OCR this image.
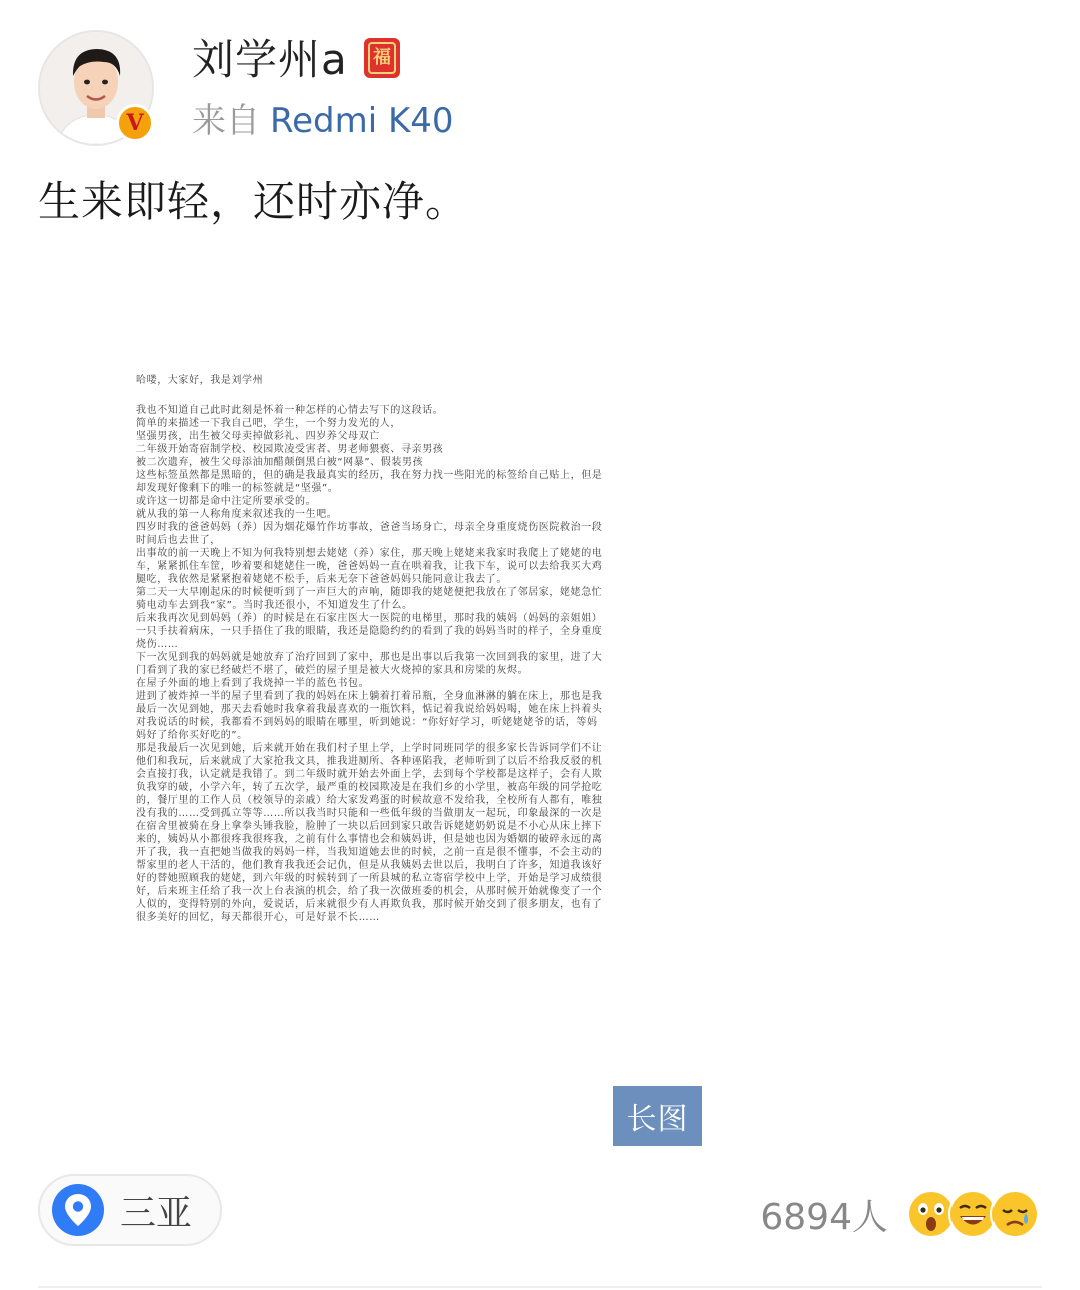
V
刘学州a 福
来自 Redmi K40
生来即轻，还时亦净。

哈喽，大家好，我是刘学州

我也不知道自己此时此刻是怀着一种怎样的心情去写下的这段话。

简单的来描述一下我自己吧，学生，一个努力发光的人，

坚强男孩，出生被父母卖掉做彩礼、四岁养父母双亡

二年级开始寄宿制学校、校园欺凌受害者、男老师猥亵、寻亲男孩

被二次遗弃，被生父母添油加醋颠倒黑白被“网暴”、假装男孩

这些标签虽然都是黑暗的，但的确是我最真实的经历，我在努力找一些阳光的标签给自己贴上，但是却发现好像剩下的唯一的标签就是“坚强”。

或许这一切都是命中注定所要承受的。

就从我的第一人称角度来叙述我的一生吧。

四岁时我的爸爸妈妈（养）因为烟花爆竹作坊事故，爸爸当场身亡，母亲全身重度烧伤医院救治一段时间后也去世了，

出事故的前一天晚上不知为何我特别想去姥姥（养）家住，那天晚上姥姥来我家时我爬上了姥姥的电车，紧紧抓住车筐，吵着要和姥姥住一晚，爸爸妈妈一直在哄着我，让我下车，说可以去给我买大鸡腿吃，我依然是紧紧抱着姥姥不松手，后来无奈下爸爸妈妈只能同意让我去了。

第二天一大早刚起床的时候便听到了一声巨大的声响，随即我的姥姥便把我放在了邻居家，姥姥急忙骑电动车去到我“家”。当时我还很小，不知道发生了什么。

后来我再次见到妈妈（养）的时候是在石家庄医大一医院的电梯里，那时我的姨妈（妈妈的亲姐姐）一只手扶着病床，一只手捂住了我的眼睛，我还是隐隐约约的看到了我的妈妈当时的样子，全身重度烧伤……

下一次见到我的妈妈就是她放弃了治疗回到了家中，那也是出事以后我第一次回到我的家里，进了大门看到了我的家已经破烂不堪了，破烂的屋子里是被大火烧掉的家具和房梁的灰烬。

在屋子外面的地上看到了我烧掉一半的蓝色书包。

进到了被炸掉一半的屋子里看到了我的妈妈在床上躺着打着吊瓶，全身血淋淋的躺在床上，那也是我最后一次见到她，那天去看她时我拿着我最喜欢的一瓶饮料，惦记着我说给妈妈喝，她在床上抖着头对我说话的时候，我都看不到妈妈的眼睛在哪里，听到她说：“你好好学习，听姥姥姥爷的话，等妈妈好了给你买好吃的”。

那是我最后一次见到她，后来就开始在我们村子里上学，上学时同班同学的很多家长告诉同学们不让他们和我玩，后来就成了大家抢我文具，推我进厕所、各种诬陷我，老师听到了以后不给我反驳的机会直接打我，认定就是我错了。到二年级时就开始去外面上学，去到每个学校都是这样子，会有人欺负我穿的破，小学六年，转了五次学，最严重的校园欺凌是在我们乡的小学里，被高年级的同学抢吃的，餐厅里的工作人员（校领导的亲戚）给大家发鸡蛋的时候故意不发给我，全校所有人都有，唯独没有我的……受到孤立等等……所以我当时只能和一些低年级的当做朋友一起玩，印象最深的一次是在宿舍里被骑在身上拿拳头锤我脸，脸肿了一块以后回到家只敢告诉姥姥奶奶说是不小心从床上摔下来的，姨妈从小都很疼我很疼我，之前有什么事情也会和姨妈讲，但是她也因为婚姻的破碎永远的离开了我，我一直把她当做我的妈妈一样，当我知道她去世的时候，之前一直是很不懂事，不会主动的帮家里的老人干活的，他们教育我我还会记仇，但是从我姨妈去世以后，我明白了许多，知道我该好好的替她照顾我的姥姥，到六年级的时候转到了一所县城的私立寄宿学校中上学，开始是学习成绩很好，后来班主任给了我一次上台表演的机会，给了我一次做班委的机会，从那时候开始就像变了一个人似的，变得特别的外向，爱说话，后来就很少有人再欺负我，那时候开始交到了很多朋友，也有了很多美好的回忆，每天都很开心，可是好景不长……

长图
三亚	6894人
